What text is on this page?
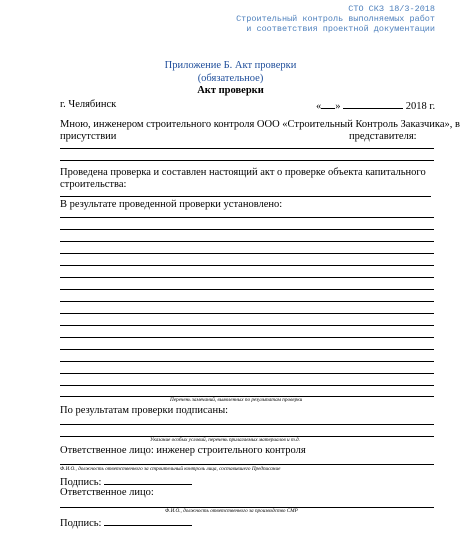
СТО СКЗ 18/3-2018
Строительный контроль выполняемых работ
и соответствия проектной документации
Приложение Б. Акт проверки
(обязательное)
Акт проверки
г. Челябинск	« »	2018 г.
Мною, инженером строительного контроля ООО «Строительный Контроль Заказчика», в
присутствии	представителя:
Проведена проверка и составлен настоящий акт о проверке объекта капитального
строительства:
В результате проведенной проверки установлено:
Перечень замечаний, выявленных по результатам проверки
По результатам проверки подписаны:
Указание особых условий, перечень прилагаемых материалов и т.д.
Ответственное лицо: инженер строительного контроля
Ф.И.О., должность ответственного за строительный контроль лица, составившего Предписание
Подпись:
Ответственное лицо:
Ф.И.О., должность ответственного за производство СМР
Подпись:
